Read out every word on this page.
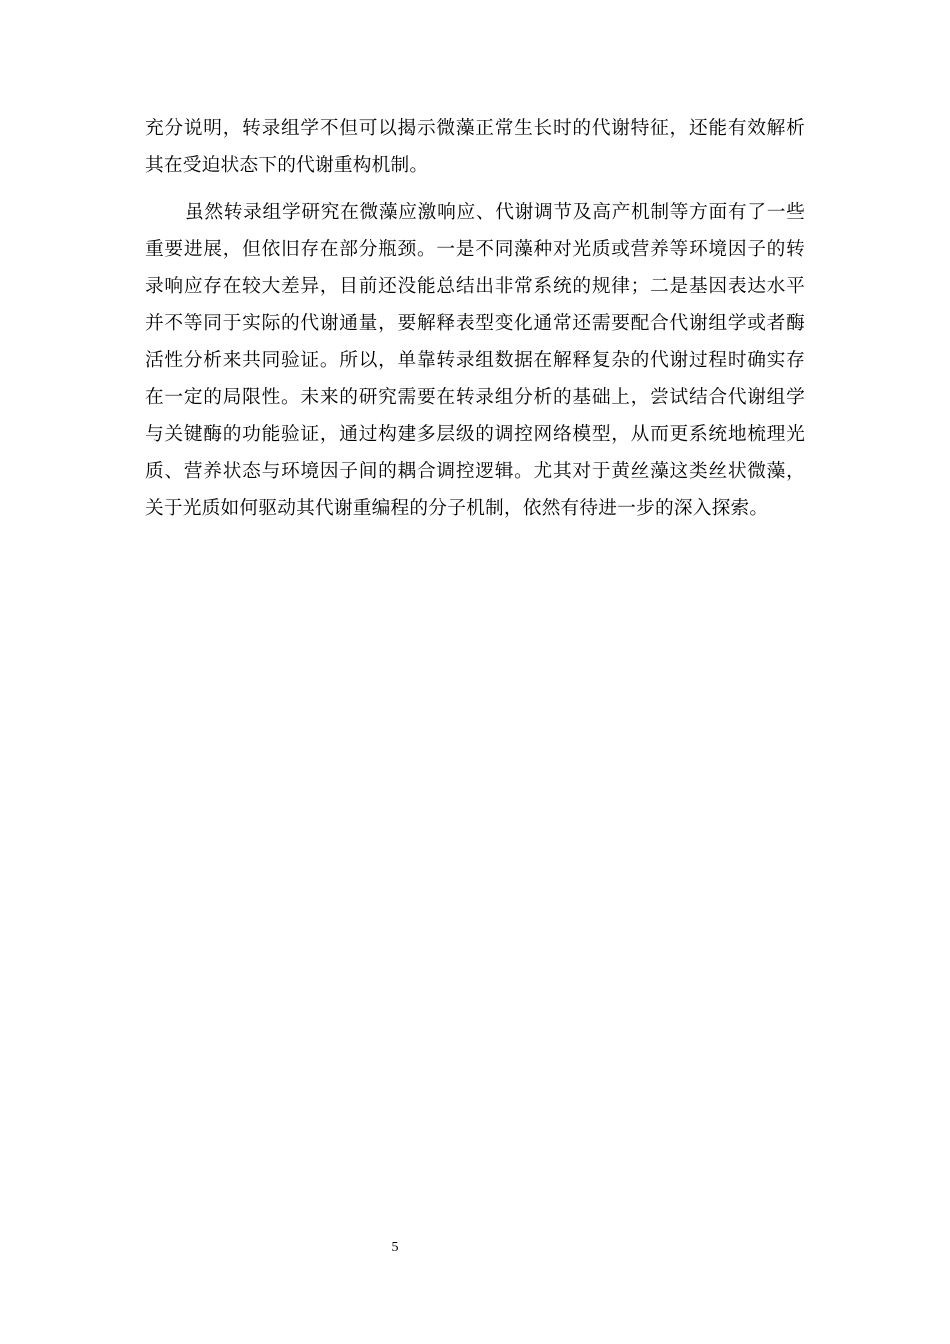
充分说明，转录组学不但可以揭示微藻正常生长时的代谢特征，还能有效解析
其在受迫状态下的代谢重构机制。
虽然转录组学研究在微藻应激响应、代谢调节及高产机制等方面有了一些
重要进展，但依旧存在部分瓶颈。一是不同藻种对光质或营养等环境因子的转
录响应存在较大差异，目前还没能总结出非常系统的规律；二是基因表达水平
并不等同于实际的代谢通量，要解释表型变化通常还需要配合代谢组学或者酶
活性分析来共同验证。所以，单靠转录组数据在解释复杂的代谢过程时确实存
在一定的局限性。未来的研究需要在转录组分析的基础上，尝试结合代谢组学
与关键酶的功能验证，通过构建多层级的调控网络模型，从而更系统地梳理光
质、营养状态与环境因子间的耦合调控逻辑。尤其对于黄丝藻这类丝状微藻，
关于光质如何驱动其代谢重编程的分子机制，依然有待进一步的深入探索。
5
